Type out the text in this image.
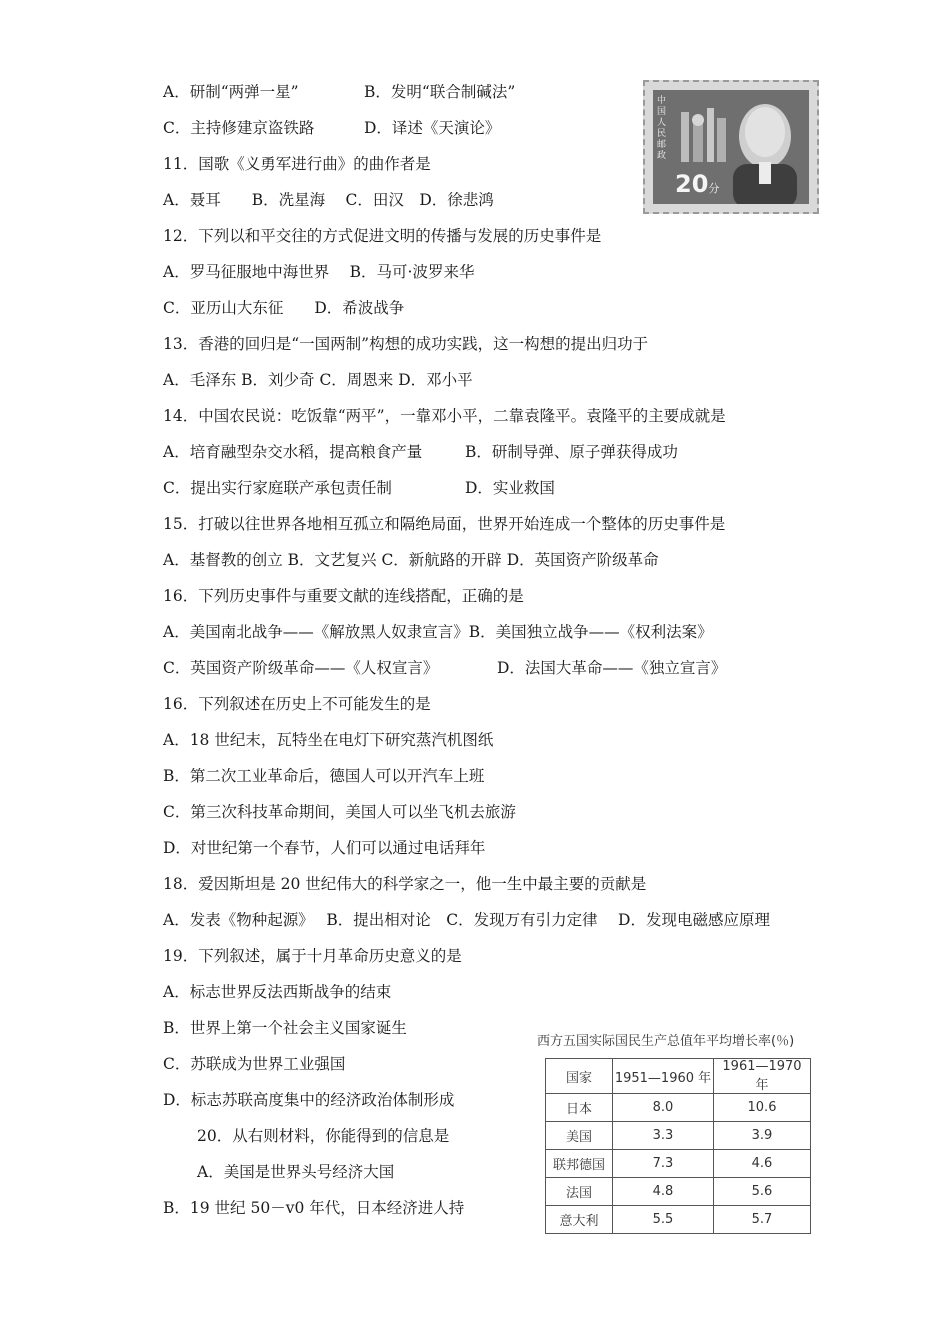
A．研制“两弹一星”	B．发明“联合制碱法”
C．主持修建京盗铁路	D．译述《天演论》
11．国歌《义勇军进行曲》的曲作者是
A．聂耳　　B．冼星海　 C．田汉　D．徐悲鸿
12．下列以和平交往的方式促进文明的传播与发展的历史事件是
A．罗马征服地中海世界　 B．马可·波罗来华
C．亚历山大东征　　D．希波战争
13．香港的回归是“一国两制”构想的成功实践，这一构想的提出归功于
A．毛泽东 B．刘少奇 C．周恩来 D．邓小平
14．中国农民说：吃饭靠“两平”，一靠邓小平，二靠袁隆平。袁隆平的主要成就是
A．培育融型杂交水稻，提高粮食产量	B．研制导弹、原子弹获得成功
C．提出实行家庭联产承包责任制	D．实业救国
15．打破以往世界各地相互孤立和隔绝局面，世界开始连成一个整体的历史事件是
A．基督教的创立 B．文艺复兴 C．新航路的开辟 D．英国资产阶级革命
16．下列历史事件与重要文献的连线搭配，正确的是
A．美国南北战争——《解放黑人奴隶宣言》B．美国独立战争——《权利法案》
C．英国资产阶级革命——《人权宣言》	D．法国大革命——《独立宣言》
16．下列叙述在历史上不可能发生的是
A．18 世纪末，瓦特坐在电灯下研究蒸汽机图纸
B．第二次工业革命后，德国人可以开汽车上班
C．第三次科技革命期间，美国人可以坐飞机去旅游
D．对世纪第一个春节，人们可以通过电话拜年
18．爱因斯坦是 20 世纪伟大的科学家之一，他一生中最主要的贡献是
A．发表《物种起源》　 B．提出相对论　C．发现万有引力定律　 D．发现电磁感应原理
19．下列叙述，属于十月革命历史意义的是
A．标志世界反法西斯战争的结束
B．世界上第一个社会主义国家诞生
C．苏联成为世界工业强国
D．标志苏联高度集中的经济政治体制形成
20．从右则材料，你能得到的信息是
A．美国是世界头号经济大国
B．19 世纪 50－v0 年代，日本经济进人持
中国人民邮政
20分
西方五国实际国民生产总值年平均增长率(％)
国家	1951—1960 年	1961—1970 年
日本	8.0	10.6
美国	3.3	3.9
联邦德国	7.3	4.6
法国	4.8	5.6
意大利	5.5	5.7
